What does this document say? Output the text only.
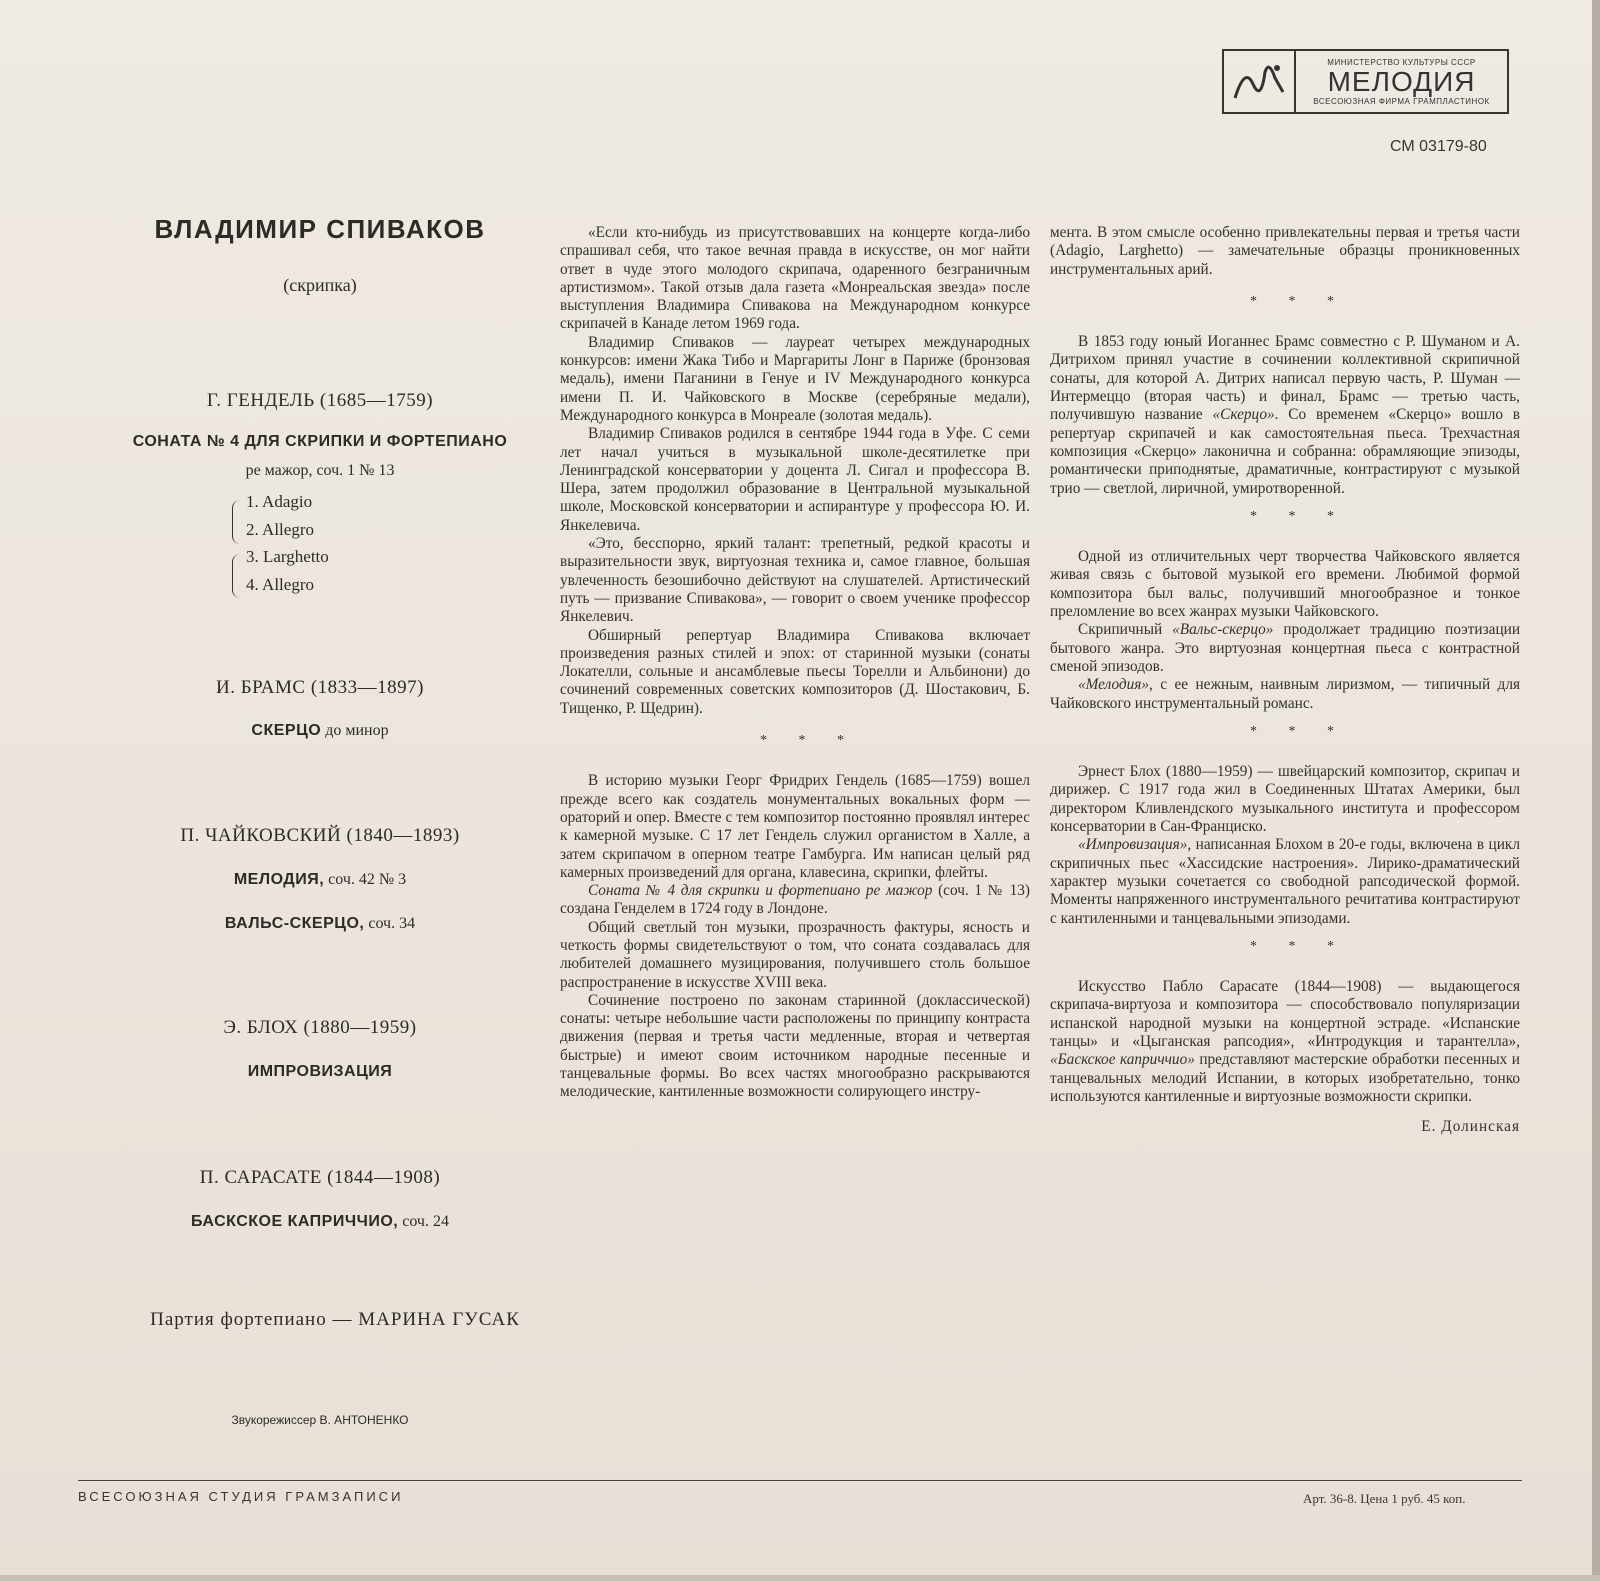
МИНИСТЕРСТВО КУЛЬТУРЫ СССР
МЕЛОДИЯ
ВСЕСОЮЗНАЯ ФИРМА ГРАМПЛАСТИНОК
СМ 03179-80
ВЛАДИМИР СПИВАКОВ
(скрипка)
Г. ГЕНДЕЛЬ (1685—1759)
СОНАТА № 4 ДЛЯ СКРИПКИ И ФОРТЕПИАНО
ре мажор, соч. 1 № 13
1. Adagio
2. Allegro
3. Larghetto
4. Allegro
И. БРАМС (1833—1897)
СКЕРЦО до минор
П. ЧАЙКОВСКИЙ (1840—1893)
МЕЛОДИЯ, соч. 42 № 3
ВАЛЬС-СКЕРЦО, соч. 34
Э. БЛОХ (1880—1959)
ИМПРОВИЗАЦИЯ
П. САРАСАТЕ (1844—1908)
БАСКСКОЕ КАПРИЧЧИО, соч. 24
Партия фортепиано — МАРИНА ГУСАК
Звукорежиссер В. АНТОНЕНКО

«Если кто-нибудь из присутствовавших на концерте когда-либо спрашивал себя, что такое вечная правда в искусстве, он мог найти ответ в чуде этого молодого скрипача, одаренного безграничным артистизмом». Такой отзыв дала газета «Монреальская звезда» после выступления Владимира Спивакова на Международном конкурсе скрипачей в Канаде летом 1969 года.

Владимир Спиваков — лауреат четырех международных конкурсов: имени Жака Тибо и Маргариты Лонг в Париже (бронзовая медаль), имени Паганини в Генуе и IV Международного конкурса имени П. И. Чайковского в Москве (серебряные медали), Международного конкурса в Монреале (золотая медаль).

Владимир Спиваков родился в сентябре 1944 года в Уфе. С семи лет начал учиться в музыкальной школе-десятилетке при Ленинградской консерватории у доцента Л. Сигал и профессора В. Шера, затем продолжил образование в Центральной музыкальной школе, Московской консерватории и аспирантуре у профессора Ю. И. Янкелевича.

«Это, бесспорно, яркий талант: трепетный, редкой красоты и выразительности звук, виртуозная техника и, самое главное, большая увлеченность безошибочно действуют на слушателей. Артистический путь — призвание Спивакова», — говорит о своем ученике профессор Янкелевич.

Обширный репертуар Владимира Спивакова включает произведения разных стилей и эпох: от старинной музыки (сонаты Локателли, сольные и ансамблевые пьесы Торелли и Альбинони) до сочинений современных советских композиторов (Д. Шостакович, Б. Тищенко, Р. Щедрин).

* * *

В историю музыки Георг Фридрих Гендель (1685—1759) вошел прежде всего как создатель монументальных вокальных форм — ораторий и опер. Вместе с тем композитор постоянно проявлял интерес к камерной музыке. С 17 лет Гендель служил органистом в Халле, а затем скрипачом в оперном театре Гамбурга. Им написан целый ряд камерных произведений для органа, клавесина, скрипки, флейты.

Соната № 4 для скрипки и фортепиано ре мажор (соч. 1 № 13) создана Генделем в 1724 году в Лондоне.

Общий светлый тон музыки, прозрачность фактуры, ясность и четкость формы свидетельствуют о том, что соната создавалась для любителей домашнего музицирования, получившего столь большое распространение в искусстве XVIII века.

Сочинение построено по законам старинной (доклассической) сонаты: четыре небольшие части расположены по принципу контраста движения (первая и третья части медленные, вторая и четвертая быстрые) и имеют своим источником народные песенные и танцевальные формы. Во всех частях многообразно раскрываются мелодические, кантиленные возможности солирующего инстру-

мента. В этом смысле особенно привлекательны первая и третья части (Adagio, Larghetto) — замечательные образцы проникновенных инструментальных арий.

* * *

В 1853 году юный Иоганнес Брамс совместно с Р. Шуманом и А. Дитрихом принял участие в сочинении коллективной скрипичной сонаты, для которой А. Дитрих написал первую часть, Р. Шуман — Интермеццо (вторая часть) и финал, Брамс — третью часть, получившую название «Скерцо». Со временем «Скерцо» вошло в репертуар скрипачей и как самостоятельная пьеса. Трехчастная композиция «Скерцо» лаконична и собранна: обрамляющие эпизоды, романтически приподнятые, драматичные, контрастируют с музыкой трио — светлой, лиричной, умиротворенной.

* * *

Одной из отличительных черт творчества Чайковского является живая связь с бытовой музыкой его времени. Любимой формой композитора был вальс, получивший многообразное и тонкое преломление во всех жанрах музыки Чайковского.

Скрипичный «Вальс-скерцо» продолжает традицию поэтизации бытового жанра. Это виртуозная концертная пьеса с контрастной сменой эпизодов.

«Мелодия», с ее нежным, наивным лиризмом, — типичный для Чайковского инструментальный романс.

* * *

Эрнест Блох (1880—1959) — швейцарский композитор, скрипач и дирижер. С 1917 года жил в Соединенных Штатах Америки, был директором Кливлендского музыкального института и профессором консерватории в Сан-Франциско.

«Импровизация», написанная Блохом в 20-е годы, включена в цикл скрипичных пьес «Хассидские настроения». Лирико-драматический характер музыки сочетается со свободной рапсодической формой. Моменты напряженного инструментального речитатива контрастируют с кантиленными и танцевальными эпизодами.

* * *

Искусство Пабло Сарасате (1844—1908) — выдающегося скрипача-виртуоза и композитора — способствовало популяризации испанской народной музыки на концертной эстраде. «Испанские танцы» и «Цыганская рапсодия», «Интродукция и тарантелла», «Баскское каприччио» представляют мастерские обработки песенных и танцевальных мелодий Испании, в которых изобретательно, тонко используются кантиленные и виртуозные возможности скрипки.

Е. Долинская

ВСЕСОЮЗНАЯ СТУДИЯ ГРАМЗАПИСИ	Арт. 36-8. Цена 1 руб. 45 коп.
